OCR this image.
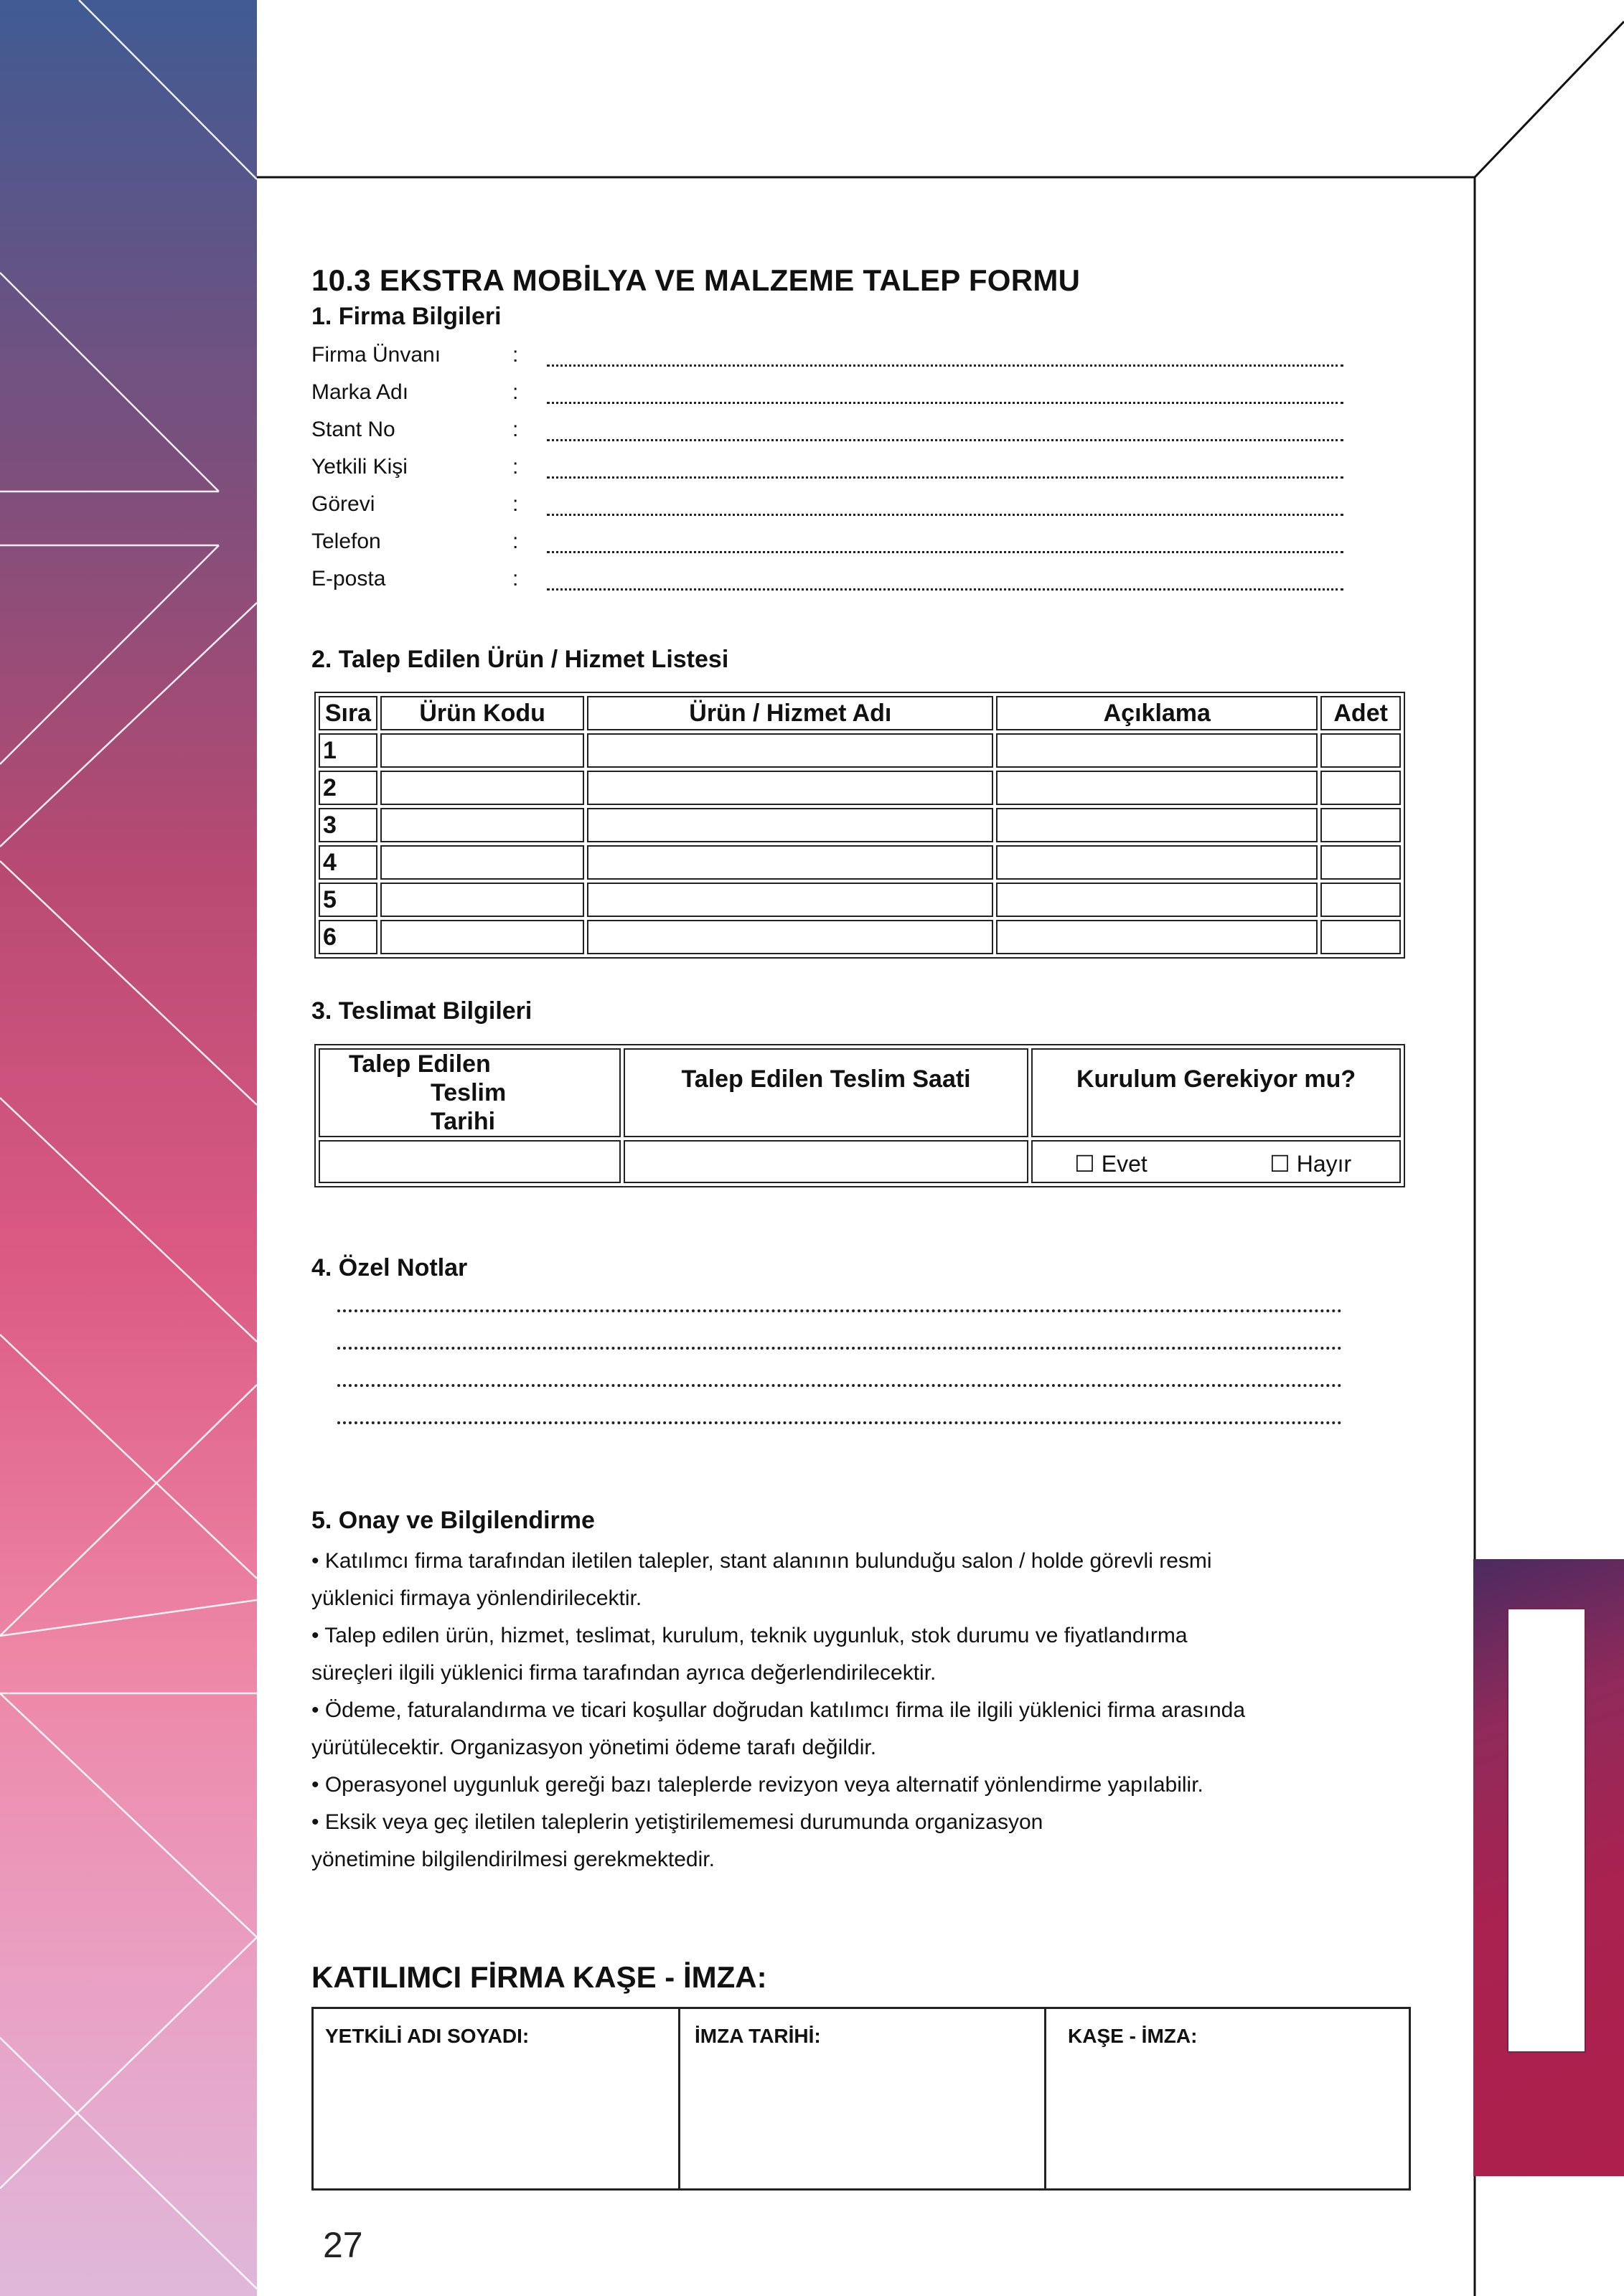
10.3 EKSTRA MOBİLYA VE MALZEME TALEP FORMU
1. Firma Bilgileri
Firma Ünvanı	:
Marka Adı	:
Stant No	:
Yetkili Kişi	:
Görevi	:
Telefon	:
E-posta	:
2. Talep Edilen Ürün / Hizmet Listesi
Sıra	Ürün Kodu	Ürün / Hizmet Adı	Açıklama	Adet
1				
2				
3				
4				
5				
6				
3. Teslimat Bilgileri
Talep Edilen
Teslim
Tarihi	Talep Edilen Teslim Saati	Kurulum Gerekiyor mu?

		☐ Evet ☐ Hayır
4. Özel Notlar
5. Onay ve Bilgilendirme

• Katılımcı firma tarafından iletilen talepler, stant alanının bulunduğu salon / holde görevli resmi

yüklenici firmaya yönlendirilecektir.

• Talep edilen ürün, hizmet, teslimat, kurulum, teknik uygunluk, stok durumu ve fiyatlandırma

süreçleri ilgili yüklenici firma tarafından ayrıca değerlendirilecektir.

• Ödeme, faturalandırma ve ticari koşullar doğrudan katılımcı firma ile ilgili yüklenici firma arasında

yürütülecektir. Organizasyon yönetimi ödeme tarafı değildir.

• Operasyonel uygunluk gereği bazı taleplerde revizyon veya alternatif yönlendirme yapılabilir.

• Eksik veya geç iletilen taleplerin yetiştirilememesi durumunda organizasyon

yönetimine bilgilendirilmesi gerekmektedir.

KATILIMCI FİRMA KAŞE - İMZA:
YETKİLİ ADI SOYADI:	İMZA TARİHİ:	KAŞE - İMZA:
27
